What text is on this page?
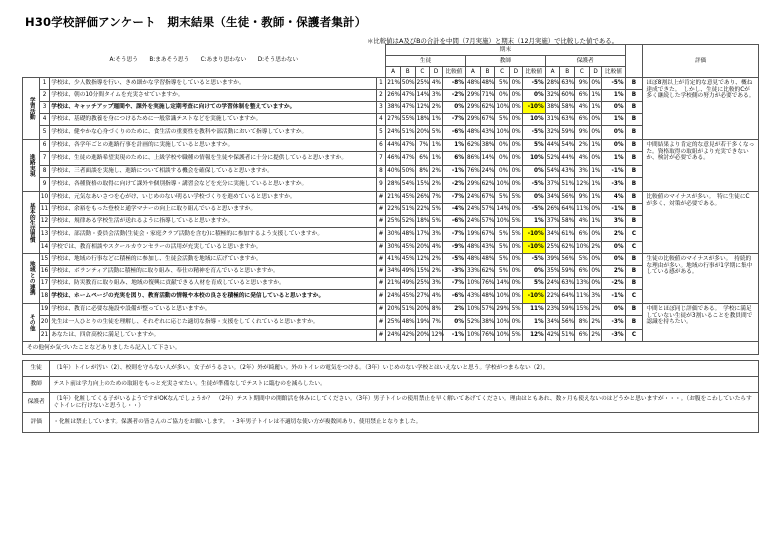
H30学校評価アンケート　期末結果（生徒・教師・保護者集計）
＊比較値はA及びBの合計を中間（7月実施）と期末（12月実施）で比較した値である。
A:そう思う　　B:まあそう思う　　C:あまり思わない　　D:そう思わない				期末																評価
				生徒					教師					保護者						
				A	B	C	D	比較値	A	B	C	D	比較値	A	B	C	D	比較値		
学習活動	1	学校は、少人数指導を行い、きめ細かな学習指導をしていると思いますか。	1	21%	50%	25%	4%	-8%	48%	48%	5%	0%	-5%	28%	63%	9%	0%	-5%	B	ほぼ8割以上が肯定的な意見であり、概ね達成できた。　しかし、生徒に比較的Cが多く継続した学校側の努力が必要である。
	2	学校は、朝の10分間タイムを充実させていますか。	2	26%	47%	14%	3%	-2%	29%	71%	0%	0%	0%	32%	60%	6%	1%	1%	B	
	3	学校は、キャッチアップ週間や、課外を実施し定期考査に向けての学習体制を整えていますか。	3	38%	47%	12%	2%	0%	29%	62%	10%	0%	-10%	38%	58%	4%	1%	0%	B	
	4	学校は、基礎的教養を身につけるために一般常識テストなどを実施していますか。	4	27%	55%	18%	1%	-7%	29%	67%	5%	0%	10%	31%	63%	6%	0%	1%	B	
	5	学校は、健やかな心身づくりのために、食生活の重要性を教科や部活動において指導していますか。	5	24%	51%	20%	5%	-6%	48%	43%	10%	0%	-5%	32%	59%	9%	0%	0%	B	
進路実現	6	学校は、各学年ごとの進路行事を計画的に実施していると思いますか。	6	44%	47%	7%	1%	1%	62%	38%	0%	0%	5%	44%	54%	2%	1%	0%	B	中間結果より肯定的な意見が若干多くなった。資格取得の取組がより充実できないか、検討が必要である。
	7	学校は、生徒の進路希望実現のために、上級学校や職種の情報を生徒や保護者に十分に提供していると思いますか。	7	46%	47%	6%	1%	6%	86%	14%	0%	0%	10%	52%	44%	4%	0%	1%	B	
	8	学校は、三者面談を実施し、進路について相談する機会を確保していると思いますか。	8	40%	50%	8%	2%	-1%	76%	24%	0%	0%	0%	54%	43%	3%	1%	-1%	B	
	9	学校は、各種資格の取得に向けて課外や個別指導・講習会などを充分に実施していると思いますか。	9	28%	54%	15%	2%	-2%	29%	62%	10%	0%	-5%	37%	51%	12%	1%	-3%	B	
基本的生活習慣	10	学校は、元気なあいさつを心がけ、いじめのない明るい学校づくりを進めていると思いますか。	#	21%	45%	26%	7%	-7%	24%	67%	5%	5%	0%	34%	56%	9%	1%	4%	B	比較値のマイナスが多い。　特に生徒にCが多く、対策が必要である。
	11	学校は、余裕をもった登校と通学マナーの向上に取り組んでいると思いますか。	#	22%	51%	22%	5%	-4%	24%	57%	14%	0%	-5%	26%	64%	11%	0%	-1%	B	
	12	学校は、規律ある学校生活が送れるように指導していると思いますか。	#	25%	52%	18%	5%	-6%	24%	57%	10%	5%	1%	37%	58%	4%	1%	3%	B	
	13	学校は、部活動・委員会活動(生徒会・家庭クラブ活動を含む)に積極的に参加するよう支援していますか。	#	30%	48%	17%	3%	-7%	19%	67%	5%	5%	-10%	34%	61%	6%	0%	2%	C	
	14	学校では、教育相談やスクールカウンセラーの活用が充実していると思いますか。	#	30%	45%	20%	4%	-9%	48%	43%	5%	0%	-10%	25%	62%	10%	2%	0%	C	
地域との連携	15	学校は、地域の行事などに積極的に参加し、生徒会活動を地域に広げていますか。	#	41%	45%	12%	2%	-5%	48%	48%	5%	0%	-5%	39%	56%	5%	0%	0%	B	生徒の比較値のマイナスが多い。　持続的な理由が多い。地域の行事が1学期に集中している感がある。
	16	学校は、ボランティア活動に積極的に取り組み、奉仕の精神を育んでいると思いますか。	#	34%	49%	15%	2%	-3%	33%	62%	5%	0%	0%	35%	59%	6%	0%	2%	B	
	17	学校は、防災教育に取り組み、地域の復興に貢献できる人材を育成していると思いますか。	#	21%	49%	25%	3%	-7%	10%	76%	14%	0%	5%	24%	63%	13%	0%	-2%	B	
	18	学校は、ホームページの充実を図り、教育活動の情報や本校の良さを積極的に発信していると思いますか。	#	24%	45%	27%	4%	-6%	43%	48%	10%	0%	-10%	22%	64%	11%	3%	-1%	C	
その他	19	学校は、教育に必要な施設や設備が整っていると思いますか。	#	20%	51%	20%	8%	2%	10%	57%	29%	5%	11%	23%	59%	15%	2%	0%	B	中間とほぼ同じ評価である。　学校に満足していない生徒が3割いることを教員間で認識を持ちたい。
	20	先生は一人ひとりの生徒を理解し、それぞれに応じた適切な指導・支援をしてくれていると思いますか。	#	25%	48%	19%	7%	0%	52%	38%	10%	0%	1%	34%	56%	8%	2%	-3%	B	
	21	あなたは、四倉高校に満足していますか。	#	24%	42%	20%	12%	-1%	10%	76%	10%	5%	12%	42%	51%	6%	2%	-3%	C	
その他何か気づいたことなどありましたら記入して下さい。																				

生徒		（1年）トイレが汚い（2）、校則を守らない人が多い。女子がうるさい。（2年）外が綺麗い。外のトイレの電気をつける。（3年）いじめのない学校とはいえないと思う。学校がつまらない（2）。																		
教師		テスト前は学力向上のための取組をもっと充実させたい。生徒が準備なしでテストに臨むのを減らしたい。																		
保護者		（1年）化粧してくる子がいるようですがOKなんでしょうか？　（2年）テスト期間中の開館活を休みにしてください。（3年）男子トイレの使用禁止を早く解いてあげてください。理由はともあれ、数ヶ月も使えないのはどうかと思いますが・・・。（お腹をこわしていたらすぐトイレに行けないと思うし・・）																		
評価		・化粧は禁止しています。保護者の皆さんのご協力をお願いします。 ・3年男子トイレは不適切な使い方が複数回あり、使用禁止となりました。																		
